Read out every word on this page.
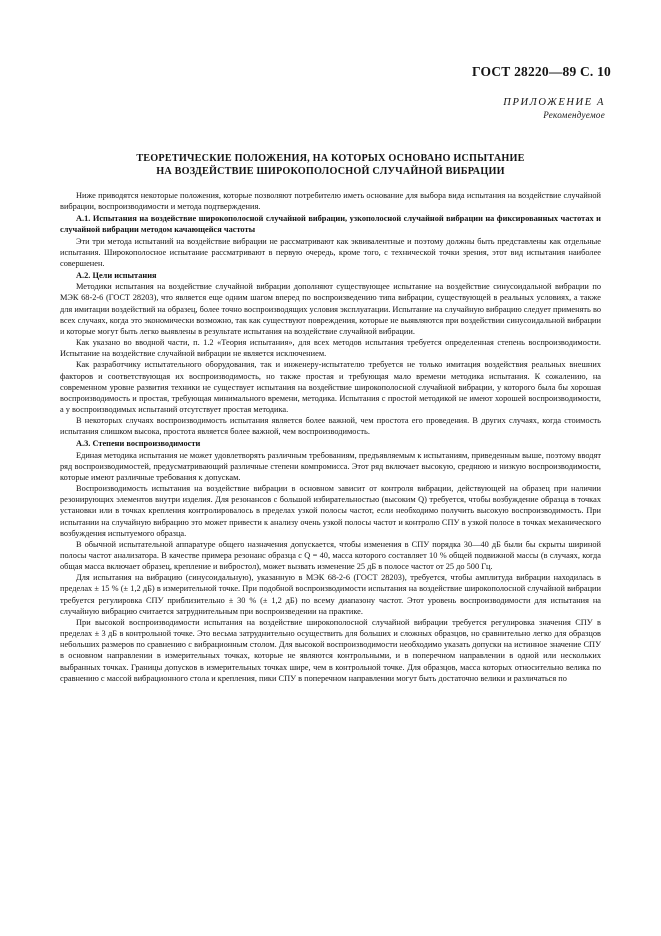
ГОСТ 28220—89 С. 10
ПРИЛОЖЕНИЕ А
Рекомендуемое
ТЕОРЕТИЧЕСКИЕ ПОЛОЖЕНИЯ, НА КОТОРЫХ ОСНОВАНО ИСПЫТАНИЕ
НА ВОЗДЕЙСТВИЕ ШИРОКОПОЛОСНОЙ СЛУЧАЙНОЙ ВИБРАЦИИ

Ниже приводятся некоторые положения, которые позволяют потребителю иметь основание для выбора вида испытания на воздействие случайной вибрации, воспроизводимости и метода подтверждения.

А.1. Испытания на воздействие широкополосной случайной вибрации, узкополосной случайной вибрации на фиксированных частотах и случайной вибрации методом качающейся частоты

Эти три метода испытаний на воздействие вибрации не рассматривают как эквивалентные и поэтому должны быть представлены как отдельные испытания. Широкополосное испытание рассматривают в первую очередь, кроме того, с технической точки зрения, этот вид испытания наиболее совершенен.

А.2. Цели испытания

Методики испытания на воздействие случайной вибрации дополняют существующее испытание на воздействие синусоидальной вибрации по МЭК 68-2-6 (ГОСТ 28203), что является еще одним шагом вперед по воспроизведению типа вибрации, существующей в реальных условиях, а также для имитации воздействий на образец, более точно воспроизводящих условия эксплуатации. Испытание на случайную вибрацию следует применять во всех случаях, когда это экономически возможно, так как существуют повреждения, которые не выявляются при воздействии синусоидальной вибрации и которые могут быть легко выявлены в результате испытания на воздействие случайной вибрации.

Как указано во вводной части, п. 1.2 «Теория испытания», для всех методов испытания требуется определенная степень воспроизводимости. Испытание на воздействие случайной вибрации не является исключением.

Как разработчику испытательного оборудования, так и инженеру-испытателю требуется не только имитация воздействия реальных внешних факторов и соответствующая их воспроизводимость, но также простая и требующая мало времени методика испытания. К сожалению, на современном уровне развития техники не существует испытания на воздействие широкополосной случайной вибрации, у которого была бы хорошая воспроизводимость и простая, требующая минимального времени, методика. Испытания с простой методикой не имеют хорошей воспроизводимости, а у воспроизводимых испытаний отсутствует простая методика.

В некоторых случаях воспроизводимость испытания является более важной, чем простота его проведения. В других случаях, когда стоимость испытания слишком высока, простота является более важной, чем воспроизводимость.

А.3. Степени воспроизводимости

Единая методика испытания не может удовлетворять различным требованиям, предъявляемым к испытаниям, приведенным выше, поэтому вводят ряд воспроизводимостей, предусматривающий различные степени компромисса. Этот ряд включает высокую, среднюю и низкую воспроизводимости, которые имеют различные требования к допускам.

Воспроизводимость испытания на воздействие вибрации в основном зависит от контроля вибрации, действующей на образец при наличии резонирующих элементов внутри изделия. Для резонансов с большой избирательностью (высоким Q) требуется, чтобы возбуждение образца в точках установки или в точках крепления контролировалось в пределах узкой полосы частот, если необходимо получить высокую воспроизводимость. При испытании на случайную вибрацию это может привести к анализу очень узкой полосы частот и контролю СПУ в узкой полосе в точках механического возбуждения испытуемого образца.

В обычной испытательной аппаратуре общего назначения допускается, чтобы изменения в СПУ порядка 30—40 дБ были бы скрыты шириной полосы частот анализатора. В качестве примера резонанс образца с Q = 40, масса которого составляет 10 % общей подвижной массы (в случаях, когда общая масса включает образец, крепление и вибростол), может вызвать изменение 25 дБ в полосе частот от 25 до 500 Гц.

Для испытания на вибрацию (синусоидальную), указанную в МЭК 68-2-6 (ГОСТ 28203), требуется, чтобы амплитуда вибрации находилась в пределах ± 15 % (± 1,2 дБ) в измерительной точке. При подобной воспроизводимости испытания на воздействие широкополосной случайной вибрации требуется регулировка СПУ приблизительно ± 30 % (± 1,2 дБ) по всему диапазону частот. Этот уровень воспроизводимости для испытания на случайную вибрацию считается затруднительным при воспроизведении на практике.

При высокой воспроизводимости испытания на воздействие широкополосной случайной вибрации требуется регулировка значения СПУ в пределах ± 3 дБ в контрольной точке. Это весьма затруднительно осуществить для больших и сложных образцов, но сравнительно легко для образцов небольших размеров по сравнению с вибрационным столом. Для высокой воспроизводимости необходимо указать допуски на истинное значение СПУ в основном направлении в измерительных точках, которые не являются контрольными, и в поперечном направлении в одной или нескольких выбранных точках. Границы допусков в измерительных точках шире, чем в контрольной точке. Для образцов, масса которых относительно велика по сравнению с массой вибрационного стола и крепления, пики СПУ в поперечном направлении могут быть достаточно велики и различаться по
